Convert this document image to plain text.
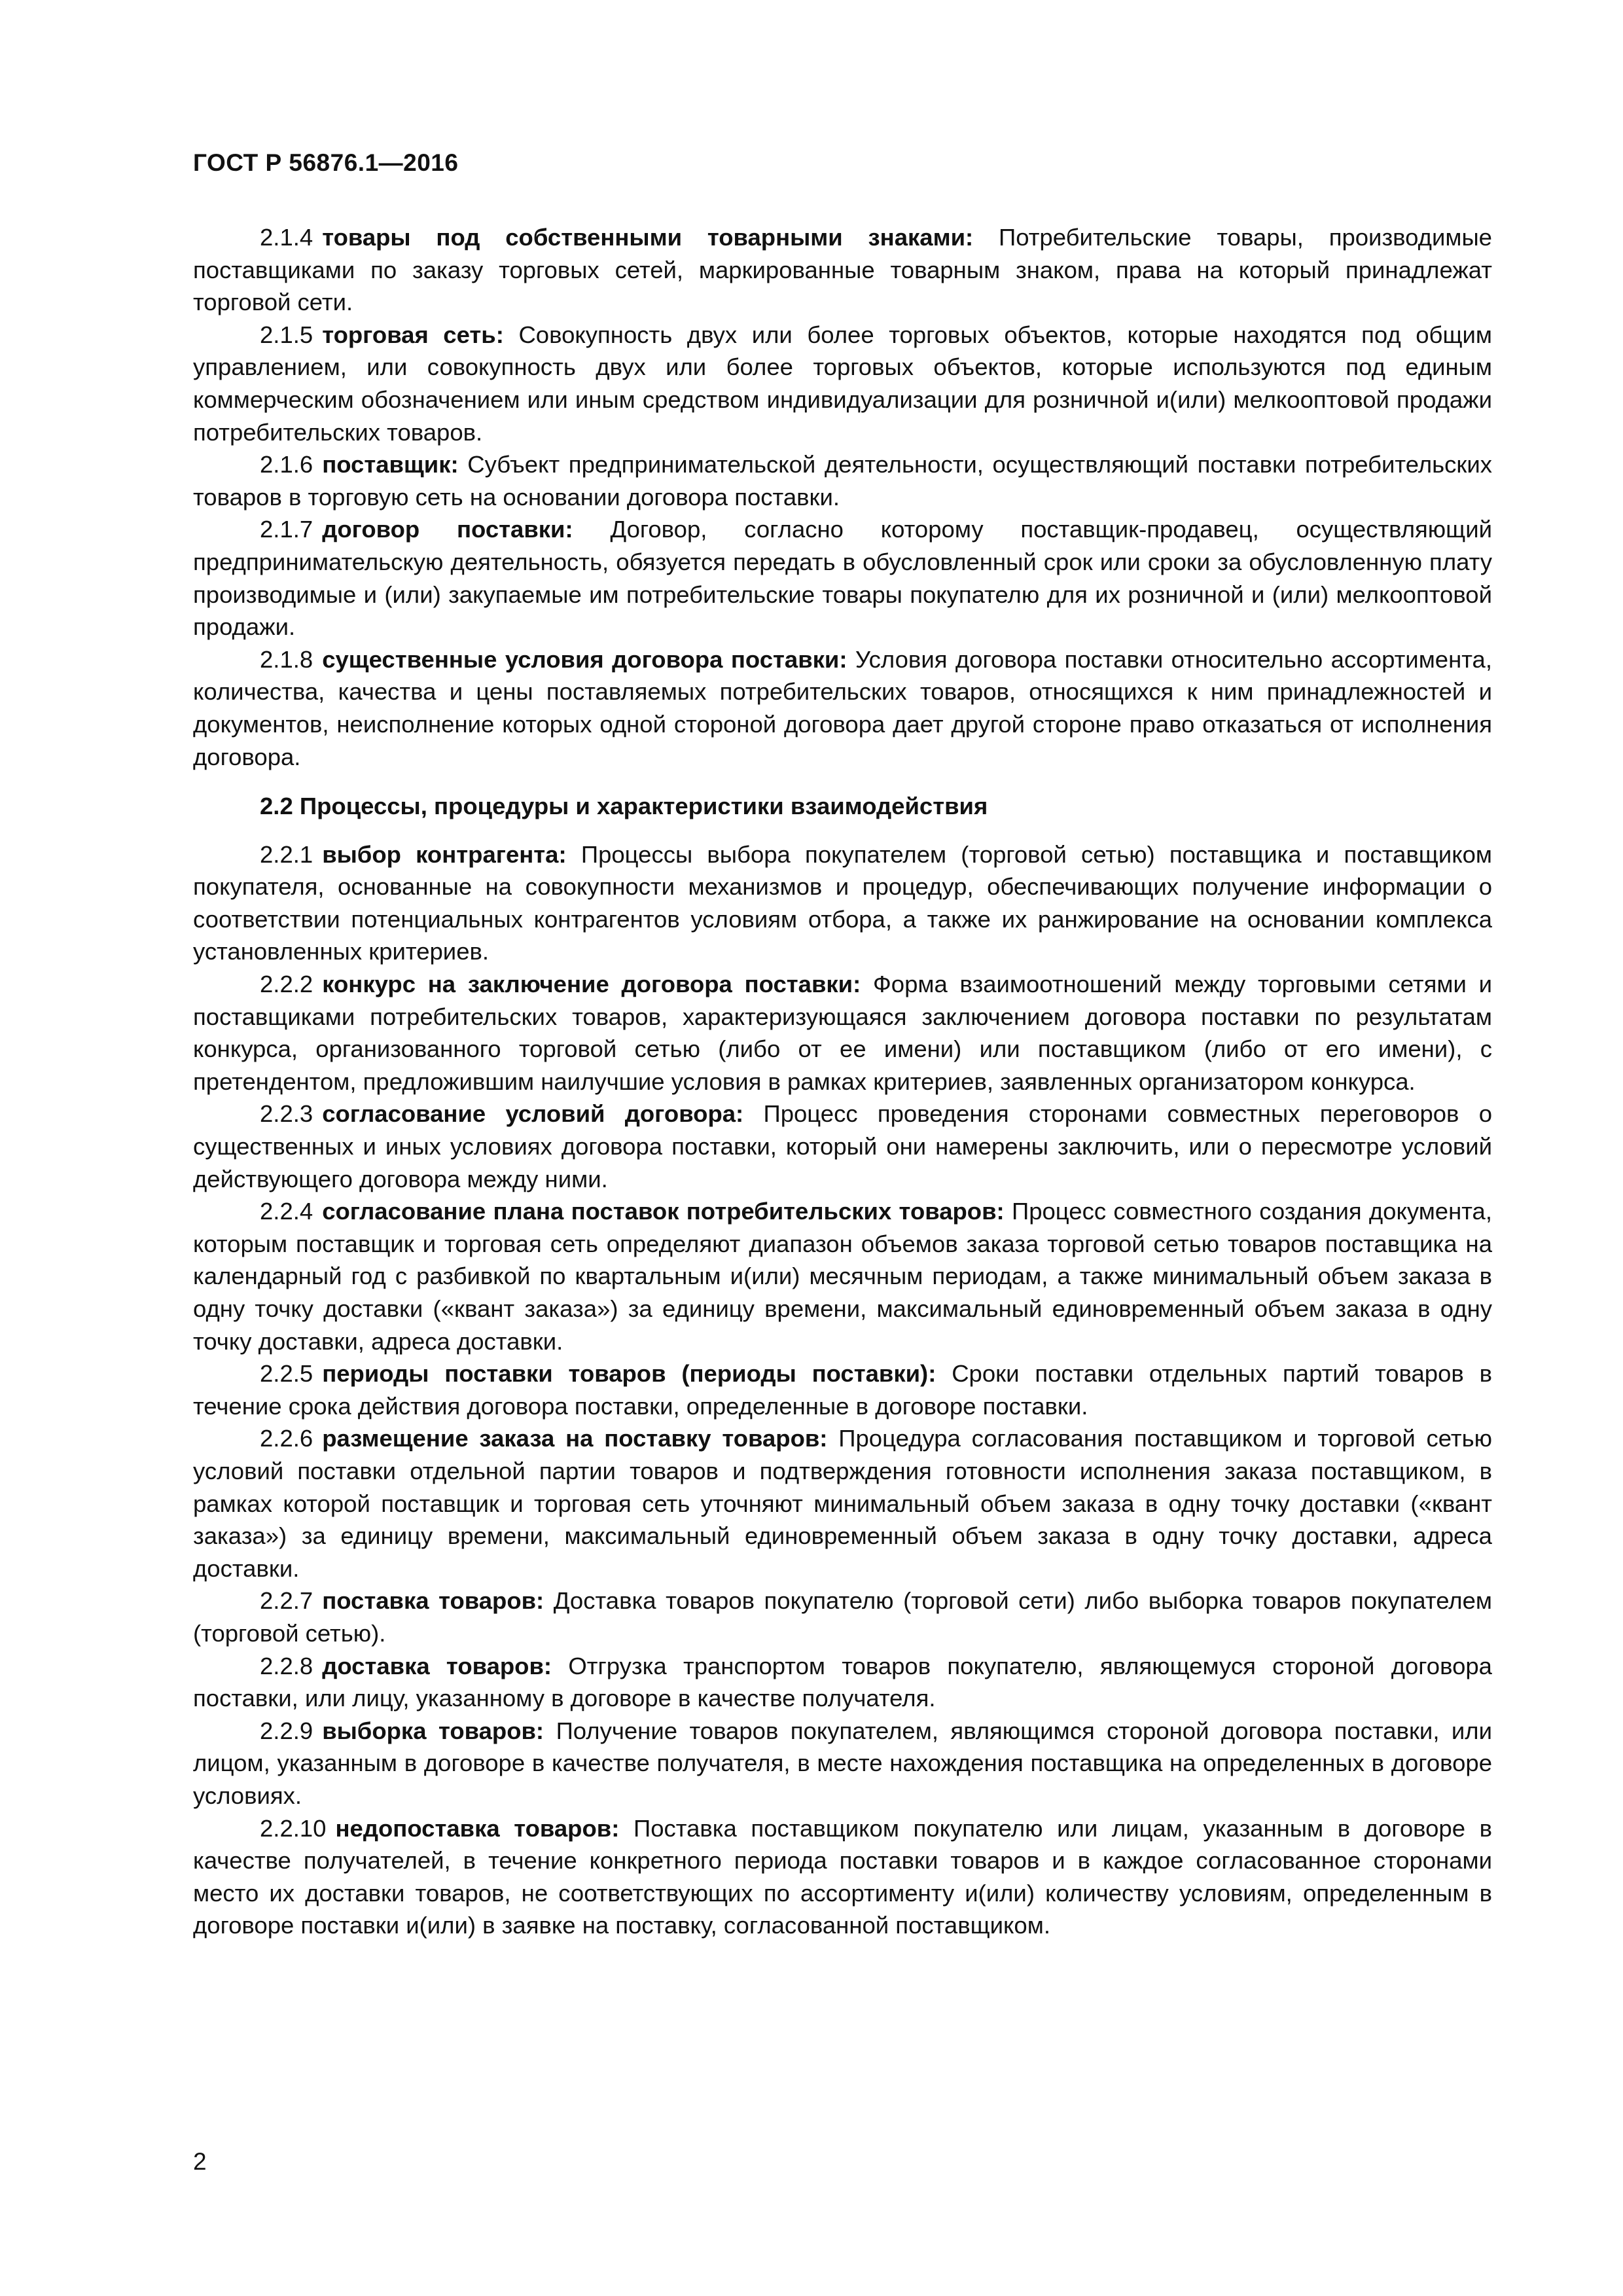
ГОСТ Р 56876.1—2016

2.1.4 товары под собственными товарными знаками: Потребительские товары, производимые поставщиками по заказу торговых сетей, маркированные товарным знаком, права на который принадлежат торговой сети.

2.1.5 торговая сеть: Совокупность двух или более торговых объектов, которые находятся под общим управлением, или совокупность двух или более торговых объектов, которые используются под единым коммерческим обозначением или иным средством индивидуализации для розничной и(или) мелкооптовой продажи потребительских товаров.

2.1.6 поставщик: Субъект предпринимательской деятельности, осуществляющий поставки потребительских товаров в торговую сеть на основании договора поставки.

2.1.7 договор поставки: Договор, согласно которому поставщик-продавец, осуществляющий предпринимательскую деятельность, обязуется передать в обусловленный срок или сроки за обусловленную плату производимые и (или) закупаемые им потребительские товары покупателю для их розничной и (или) мелкооптовой продажи.

2.1.8 существенные условия договора поставки: Условия договора поставки относительно ассортимента, количества, качества и цены поставляемых потребительских товаров, относящихся к ним принадлежностей и документов, неисполнение которых одной стороной договора дает другой стороне право отказаться от исполнения договора.

2.2 Процессы, процедуры и характеристики взаимодействия

2.2.1 выбор контрагента: Процессы выбора покупателем (торговой сетью) поставщика и поставщиком покупателя, основанные на совокупности механизмов и процедур, обеспечивающих получение информации о соответствии потенциальных контрагентов условиям отбора, а также их ранжирование на основании комплекса установленных критериев.

2.2.2 конкурс на заключение договора поставки: Форма взаимоотношений между торговыми сетями и поставщиками потребительских товаров, характеризующаяся заключением договора поставки по результатам конкурса, организованного торговой сетью (либо от ее имени) или поставщиком (либо от его имени), с претендентом, предложившим наилучшие условия в рамках критериев, заявленных организатором конкурса.

2.2.3 согласование условий договора: Процесс проведения сторонами совместных переговоров о существенных и иных условиях договора поставки, который они намерены заключить, или о пересмотре условий действующего договора между ними.

2.2.4 согласование плана поставок потребительских товаров: Процесс совместного создания документа, которым поставщик и торговая сеть определяют диапазон объемов заказа торговой сетью товаров поставщика на календарный год с разбивкой по квартальным и(или) месячным периодам, а также минимальный объем заказа в одну точку доставки («квант заказа») за единицу времени, максимальный единовременный объем заказа в одну точку доставки, адреса доставки.

2.2.5 периоды поставки товаров (периоды поставки): Сроки поставки отдельных партий товаров в течение срока действия договора поставки, определенные в договоре поставки.

2.2.6 размещение заказа на поставку товаров: Процедура согласования поставщиком и торговой сетью условий поставки отдельной партии товаров и подтверждения готовности исполнения заказа поставщиком, в рамках которой поставщик и торговая сеть уточняют минимальный объем заказа в одну точку доставки («квант заказа») за единицу времени, максимальный единовременный объем заказа в одну точку доставки, адреса доставки.

2.2.7 поставка товаров: Доставка товаров покупателю (торговой сети) либо выборка товаров покупателем (торговой сетью).

2.2.8 доставка товаров: Отгрузка транспортом товаров покупателю, являющемуся стороной договора поставки, или лицу, указанному в договоре в качестве получателя.

2.2.9 выборка товаров: Получение товаров покупателем, являющимся стороной договора поставки, или лицом, указанным в договоре в качестве получателя, в месте нахождения поставщика на определенных в договоре условиях.

2.2.10 недопоставка товаров: Поставка поставщиком покупателю или лицам, указанным в договоре в качестве получателей, в течение конкретного периода поставки товаров и в каждое согласованное сторонами место их доставки товаров, не соответствующих по ассортименту и(или) количеству условиям, определенным в договоре поставки и(или) в заявке на поставку, согласованной поставщиком.

2
